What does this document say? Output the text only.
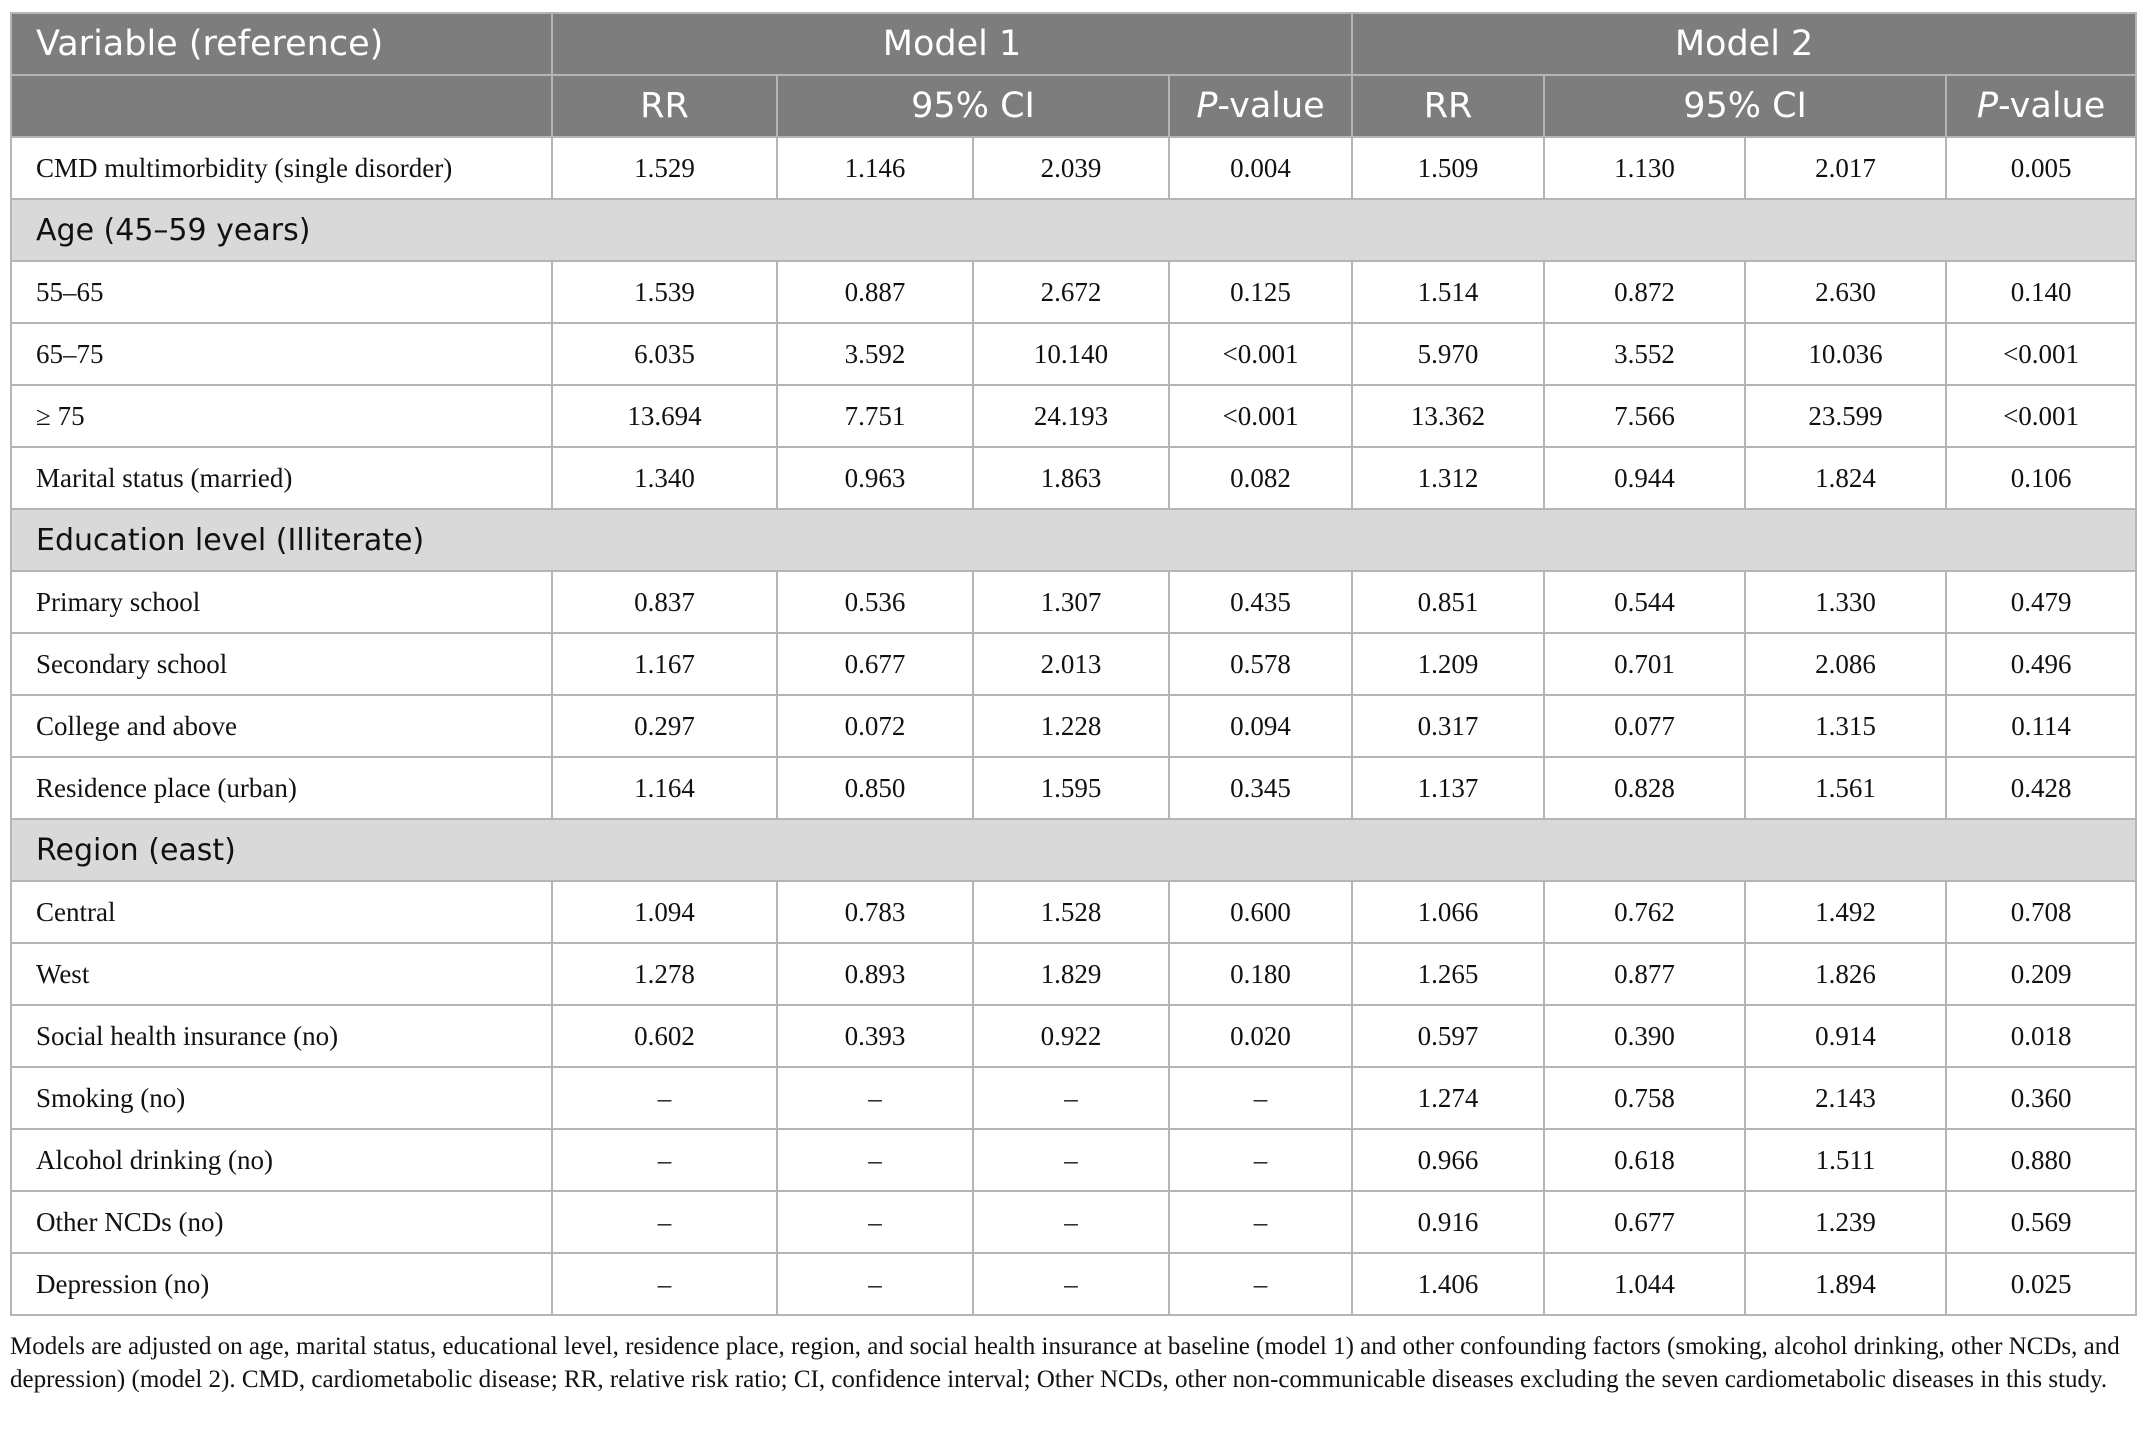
Variable (reference)	Model 1				Model 2			
	RR	95% CI		P-value	RR	95% CI		P-value
CMD multimorbidity (single disorder)	1.529	1.146	2.039	0.004	1.509	1.130	2.017	0.005
Age (45–59 years)								
55–65	1.539	0.887	2.672	0.125	1.514	0.872	2.630	0.140
65–75	6.035	3.592	10.140	<0.001	5.970	3.552	10.036	<0.001
≥ 75	13.694	7.751	24.193	<0.001	13.362	7.566	23.599	<0.001
Marital status (married)	1.340	0.963	1.863	0.082	1.312	0.944	1.824	0.106
Education level (Illiterate)								
Primary school	0.837	0.536	1.307	0.435	0.851	0.544	1.330	0.479
Secondary school	1.167	0.677	2.013	0.578	1.209	0.701	2.086	0.496
College and above	0.297	0.072	1.228	0.094	0.317	0.077	1.315	0.114
Residence place (urban)	1.164	0.850	1.595	0.345	1.137	0.828	1.561	0.428
Region (east)								
Central	1.094	0.783	1.528	0.600	1.066	0.762	1.492	0.708
West	1.278	0.893	1.829	0.180	1.265	0.877	1.826	0.209
Social health insurance (no)	0.602	0.393	0.922	0.020	0.597	0.390	0.914	0.018
Smoking (no)	–	–	–	–	1.274	0.758	2.143	0.360
Alcohol drinking (no)	–	–	–	–	0.966	0.618	1.511	0.880
Other NCDs (no)	–	–	–	–	0.916	0.677	1.239	0.569
Depression (no)	–	–	–	–	1.406	1.044	1.894	0.025

Models are adjusted on age, marital status, educational level, residence place, region, and social health insurance at baseline (model 1) and other confounding factors (smoking, alcohol drinking, other NCDs, and depression) (model 2). CMD, cardiometabolic disease; RR, relative risk ratio; CI, confidence interval; Other NCDs, other non-communicable diseases excluding the seven cardiometabolic diseases in this study.
